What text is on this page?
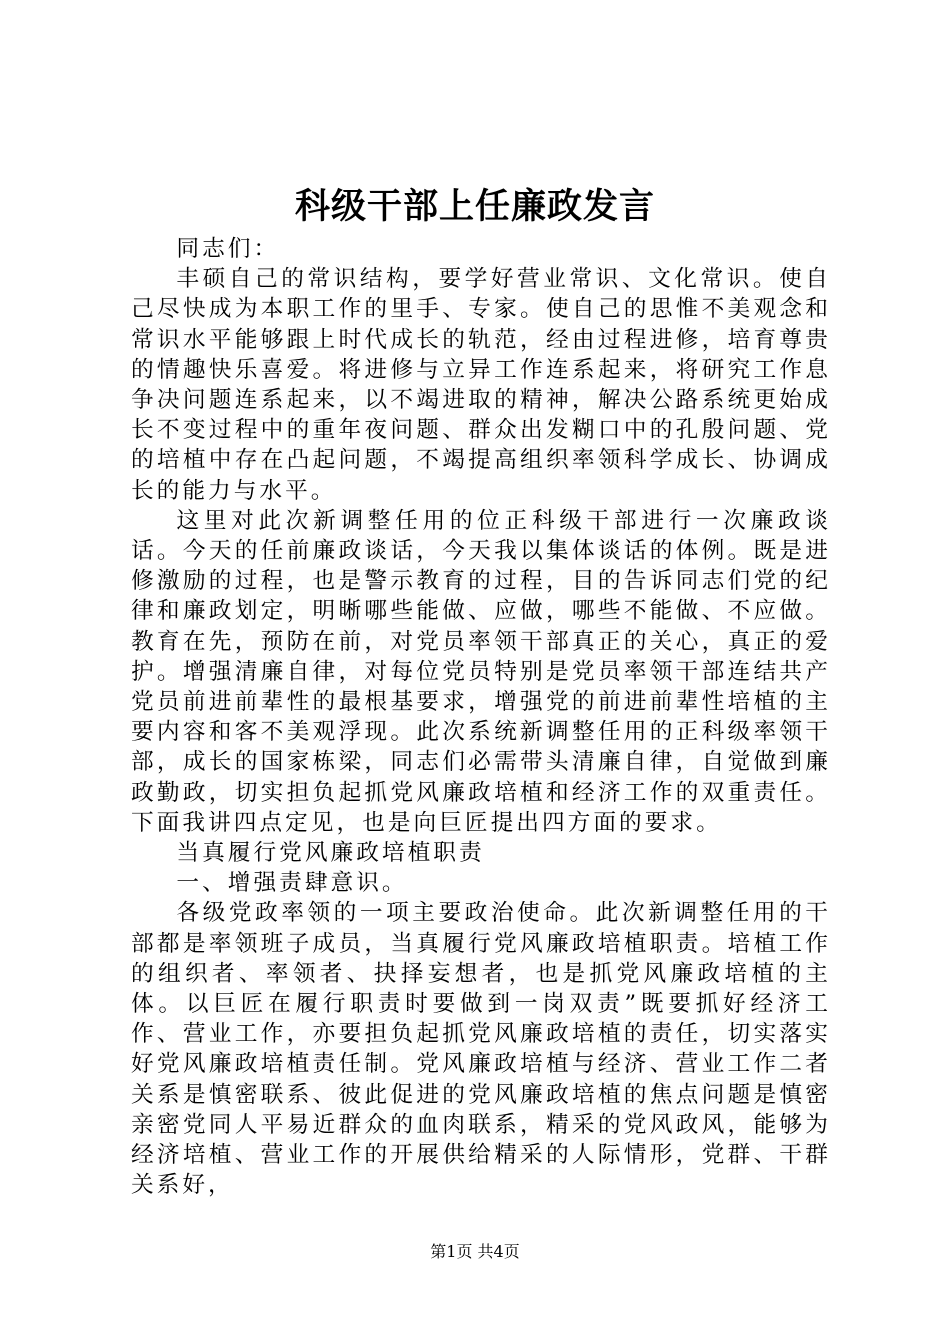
科级干部上任廉政发言

同志们：

丰硕自己的常识结构，要学好营业常识、文化常识。使自己尽快成为本职工作的里手、专家。使自己的思惟不美观念和常识水平能够跟上时代成长的轨范，经由过程进修，培育尊贵的情趣快乐喜爱。将进修与立异工作连系起来，将研究工作息争决问题连系起来，以不竭进取的精神，解决公路系统更始成长不变过程中的重年夜问题、群众出发糊口中的孔殷问题、党的培植中存在凸起问题，不竭提高组织率领科学成长、协调成长的能力与水平。

这里对此次新调整任用的位正科级干部进行一次廉政谈话。今天的任前廉政谈话，今天我以集体谈话的体例。既是进修激励的过程，也是警示教育的过程，目的告诉同志们党的纪律和廉政划定，明晰哪些能做、应做，哪些不能做、不应做。教育在先，预防在前，对党员率领干部真正的关心，真正的爱护。增强清廉自律，对每位党员特别是党员率领干部连结共产党员前进前辈性的最根基要求，增强党的前进前辈性培植的主要内容和客不美观浮现。此次系统新调整任用的正科级率领干部，成长的国家栋梁，同志们必需带头清廉自律，自觉做到廉政勤政，切实担负起抓党风廉政培植和经济工作的双重责任。下面我讲四点定见，也是向巨匠提出四方面的要求。

当真履行党风廉政培植职责

一、增强责肆意识。

各级党政率领的一项主要政治使命。此次新调整任用的干部都是率领班子成员，当真履行党风廉政培植职责。培植工作的组织者、率领者、抉择妄想者，也是抓党风廉政培植的主体。以巨匠在履行职责时要做到一岗双责”既要抓好经济工作、营业工作，亦要担负起抓党风廉政培植的责任，切实落实好党风廉政培植责任制。党风廉政培植与经济、营业工作二者关系是慎密联系、彼此促进的党风廉政培植的焦点问题是慎密亲密党同人平易近群众的血肉联系，精采的党风政风，能够为经济培植、营业工作的开展供给精采的人际情形，党群、干群关系好，

第1页 共4页
